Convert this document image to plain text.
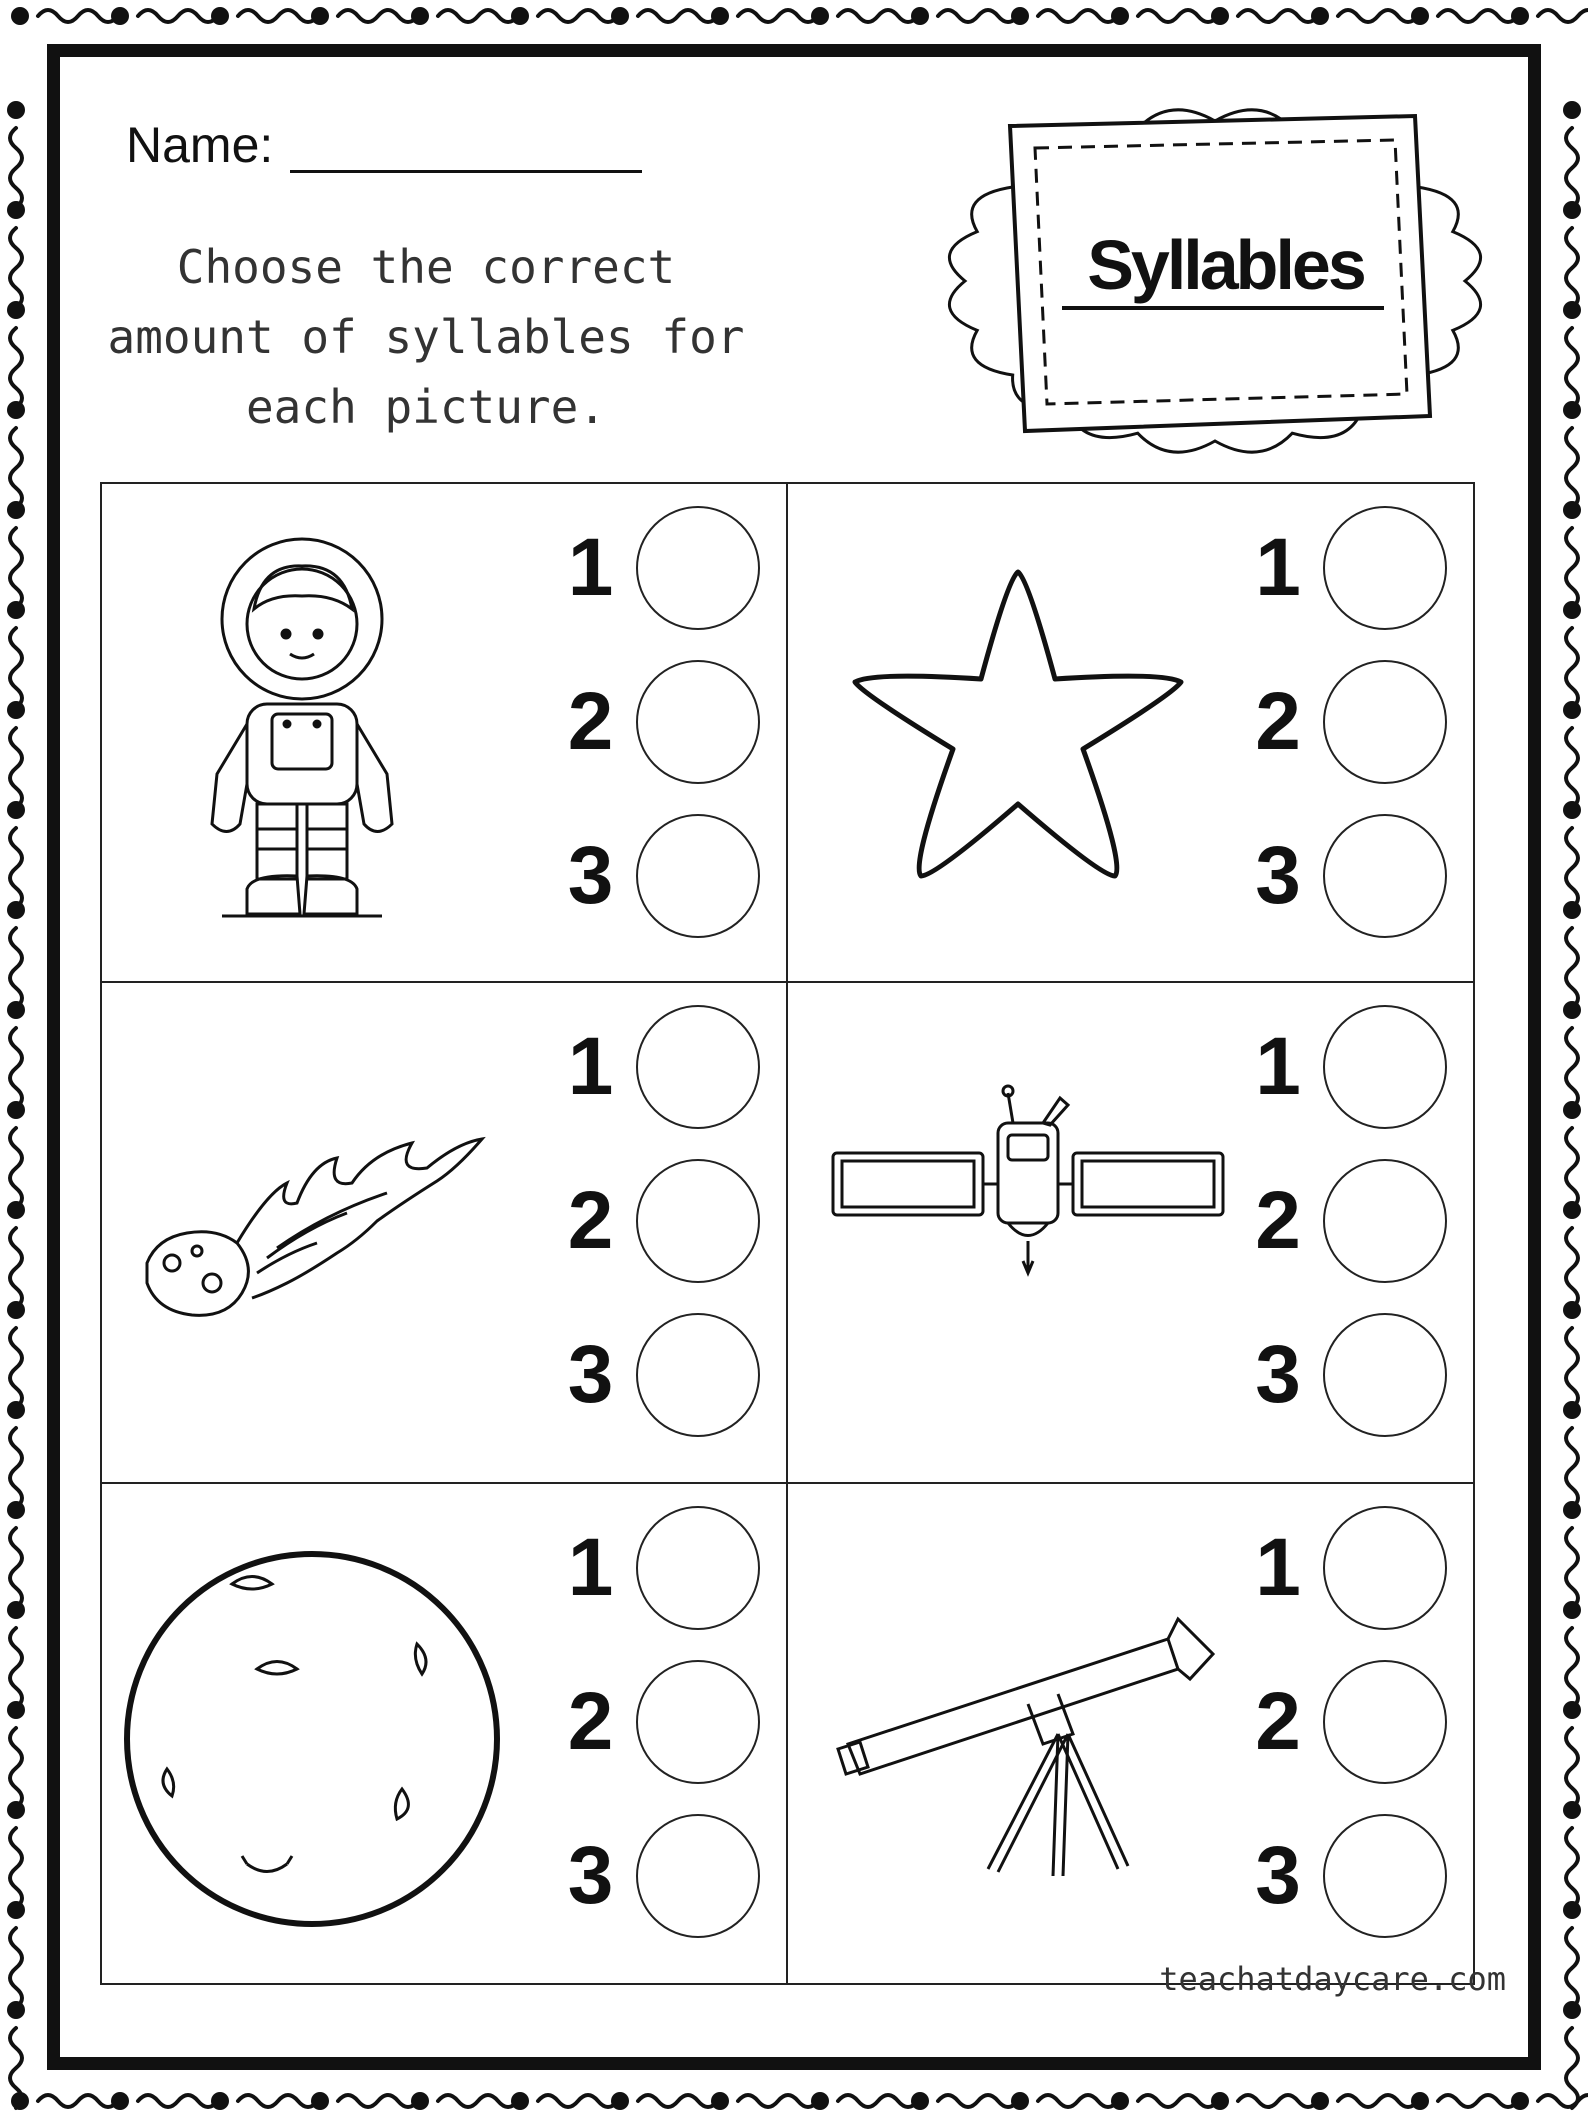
Name:
Choose the correct
amount of syllables for
each picture.
Syllables
1
2
3
1
2
3
1
2
3
1
2
3
1
2
3
1
2
3
teachatdaycare.com
